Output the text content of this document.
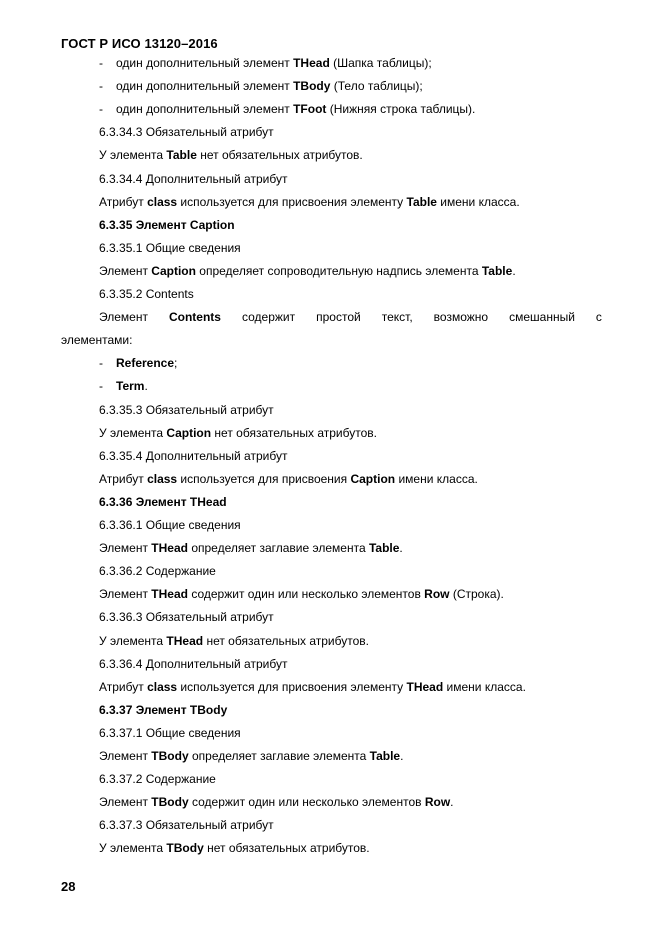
ГОСТ Р ИСО 13120–2016
- один дополнительный элемент THead (Шапка таблицы);
- один дополнительный элемент TBody (Тело таблицы);
- один дополнительный элемент TFoot (Нижняя строка таблицы).
6.3.34.3 Обязательный атрибут
У элемента Table нет обязательных атрибутов.
6.3.34.4 Дополнительный атрибут
Атрибут class используется для присвоения элементу Table имени класса.
6.3.35 Элемент Caption
6.3.35.1 Общие сведения
Элемент Caption определяет сопроводительную надпись элемента Table.
6.3.35.2 Contents
Элемент Contents содержит простой текст, возможно смешанный с
элементами:
- Reference;
- Term.
6.3.35.3 Обязательный атрибут
У элемента Caption нет обязательных атрибутов.
6.3.35.4 Дополнительный атрибут
Атрибут class используется для присвоения Caption имени класса.
6.3.36 Элемент THead
6.3.36.1 Общие сведения
Элемент THead определяет заглавие элемента Table.
6.3.36.2 Содержание
Элемент THead содержит один или несколько элементов Row (Строка).
6.3.36.3 Обязательный атрибут
У элемента THead нет обязательных атрибутов.
6.3.36.4 Дополнительный атрибут
Атрибут class используется для присвоения элементу THead имени класса.
6.3.37 Элемент TBody
6.3.37.1 Общие сведения
Элемент TBody определяет заглавие элемента Table.
6.3.37.2 Содержание
Элемент TBody содержит один или несколько элементов Row.
6.3.37.3 Обязательный атрибут
У элемента TBody нет обязательных атрибутов.
28
